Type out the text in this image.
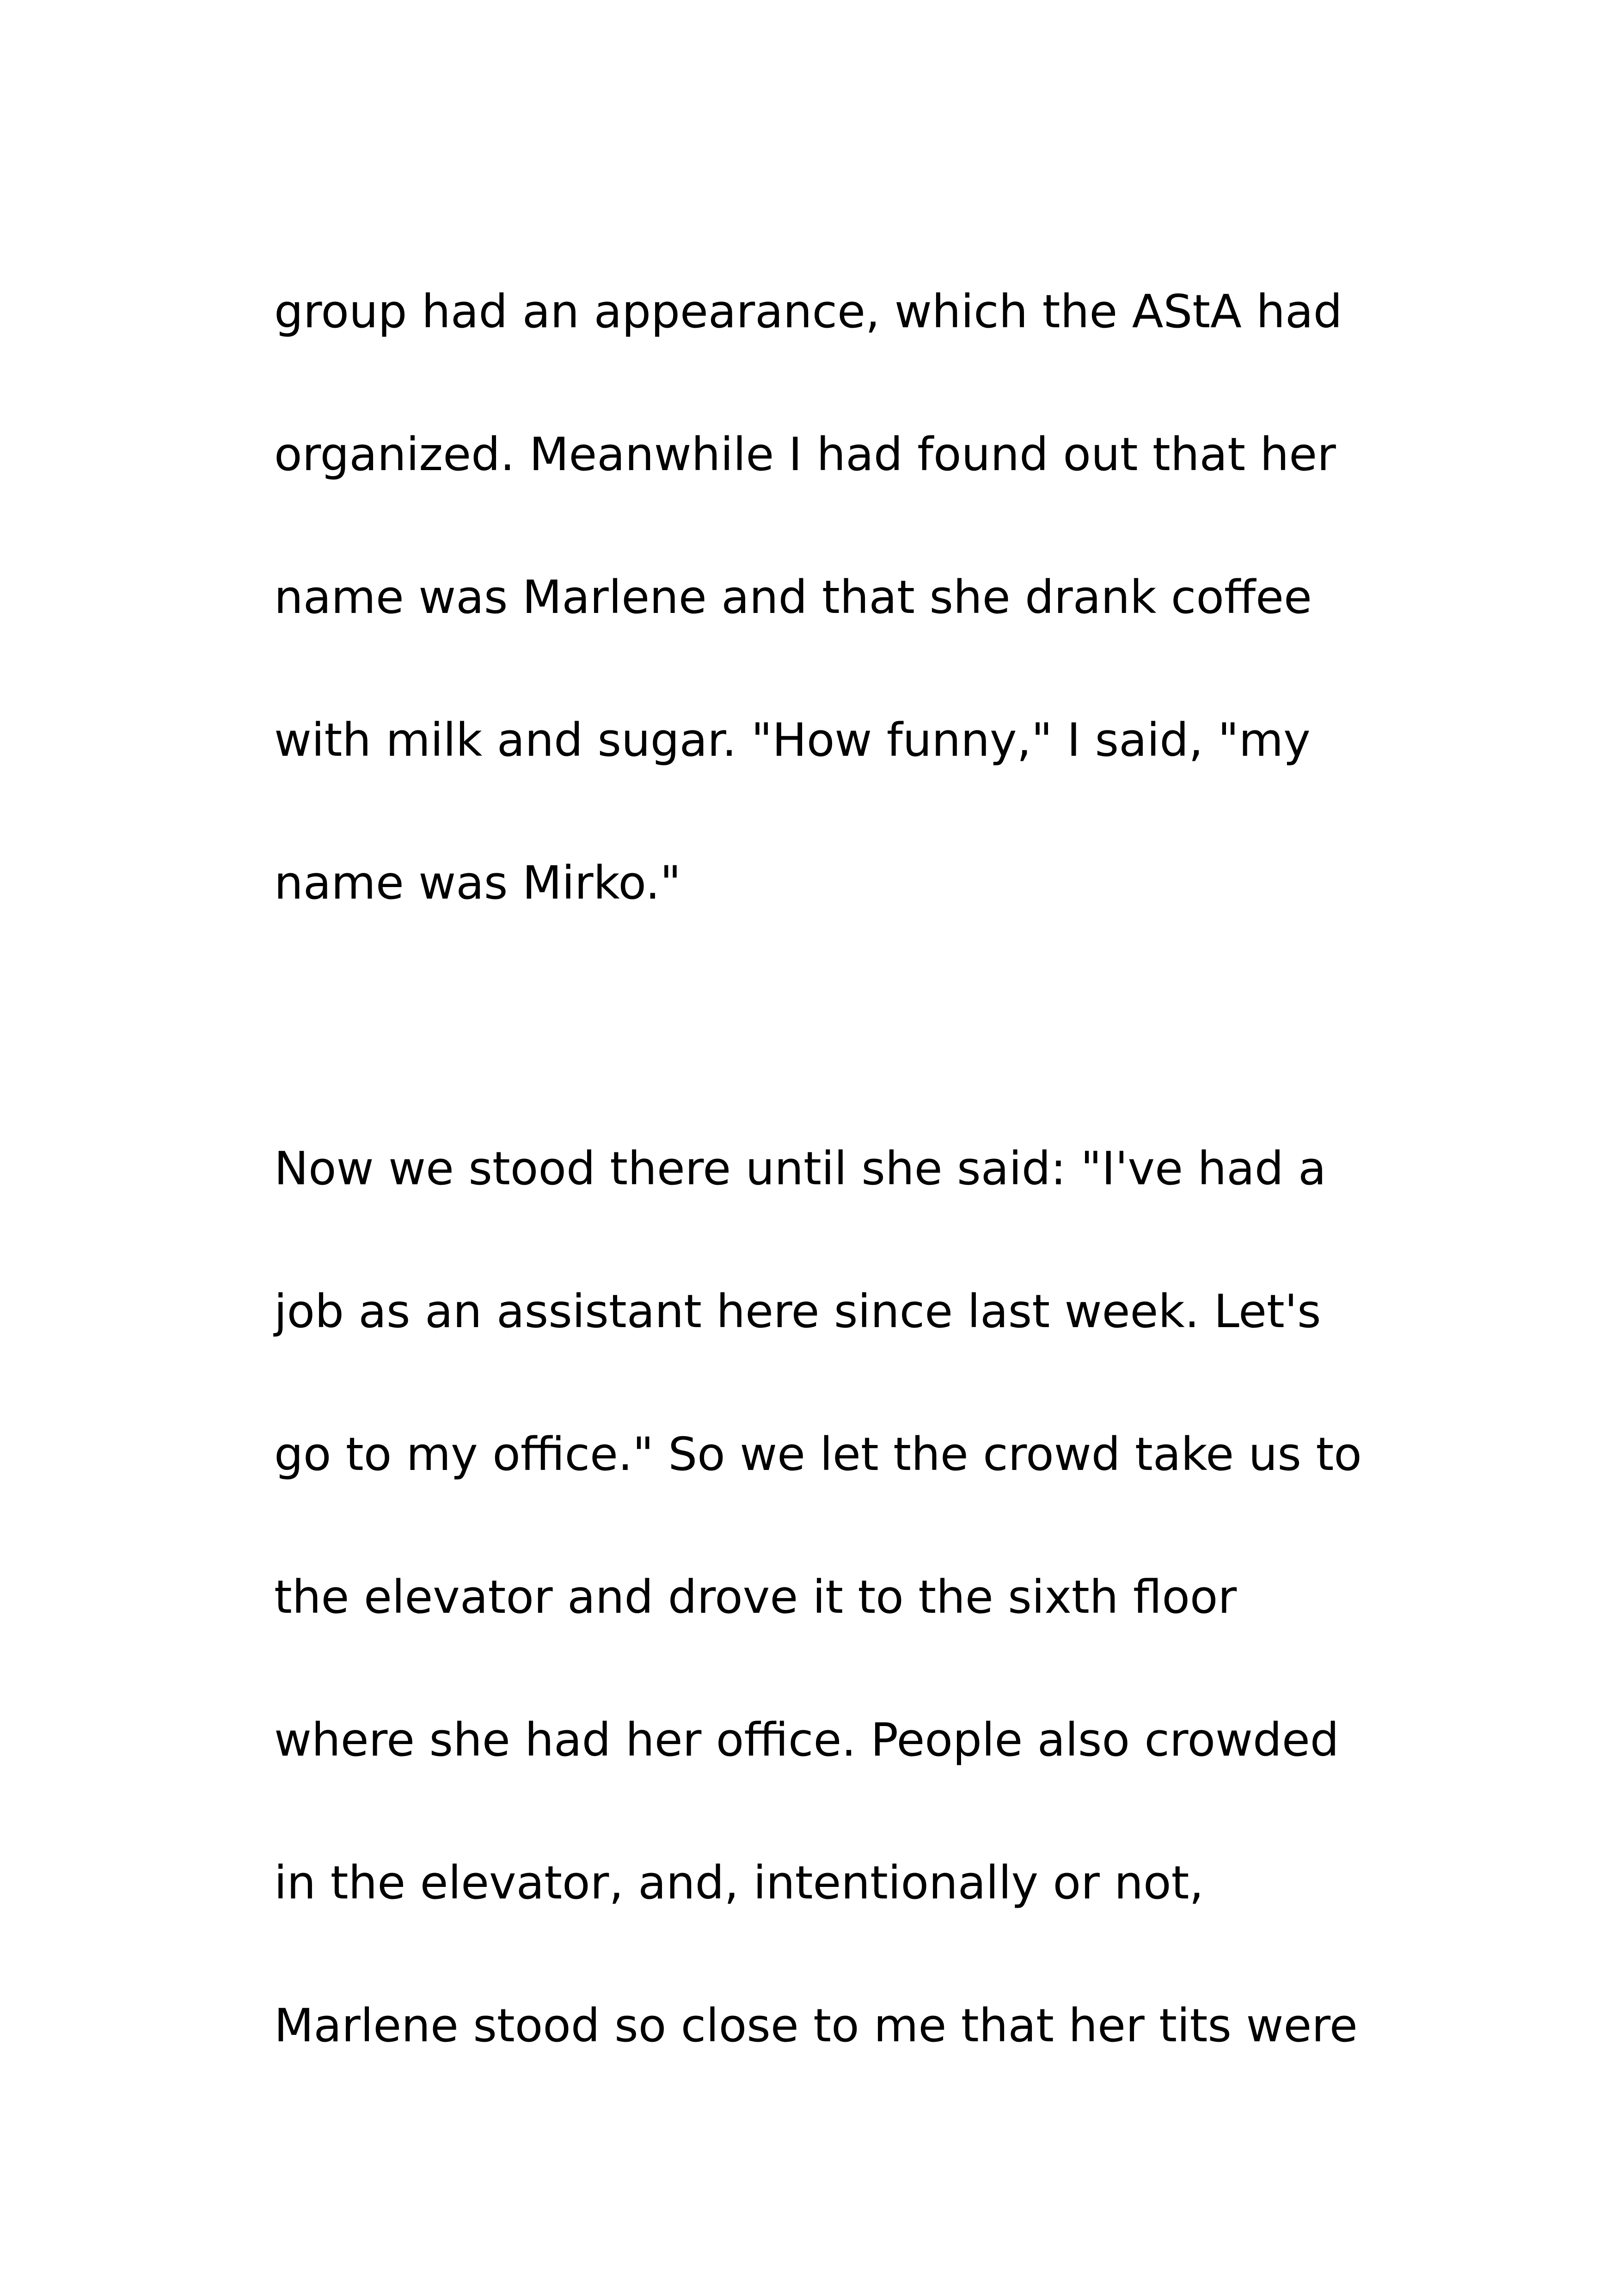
group had an appearance, which the AStA had
organized. Meanwhile I had found out that her
name was Marlene and that she drank coffee
with milk and sugar. "How funny," I said, "my
name was Mirko."
Now we stood there until she said: "I've had a
job as an assistant here since last week. Let's
go to my office." So we let the crowd take us to
the elevator and drove it to the sixth floor
where she had her office. People also crowded
in the elevator, and, intentionally or not,
Marlene stood so close to me that her tits were
